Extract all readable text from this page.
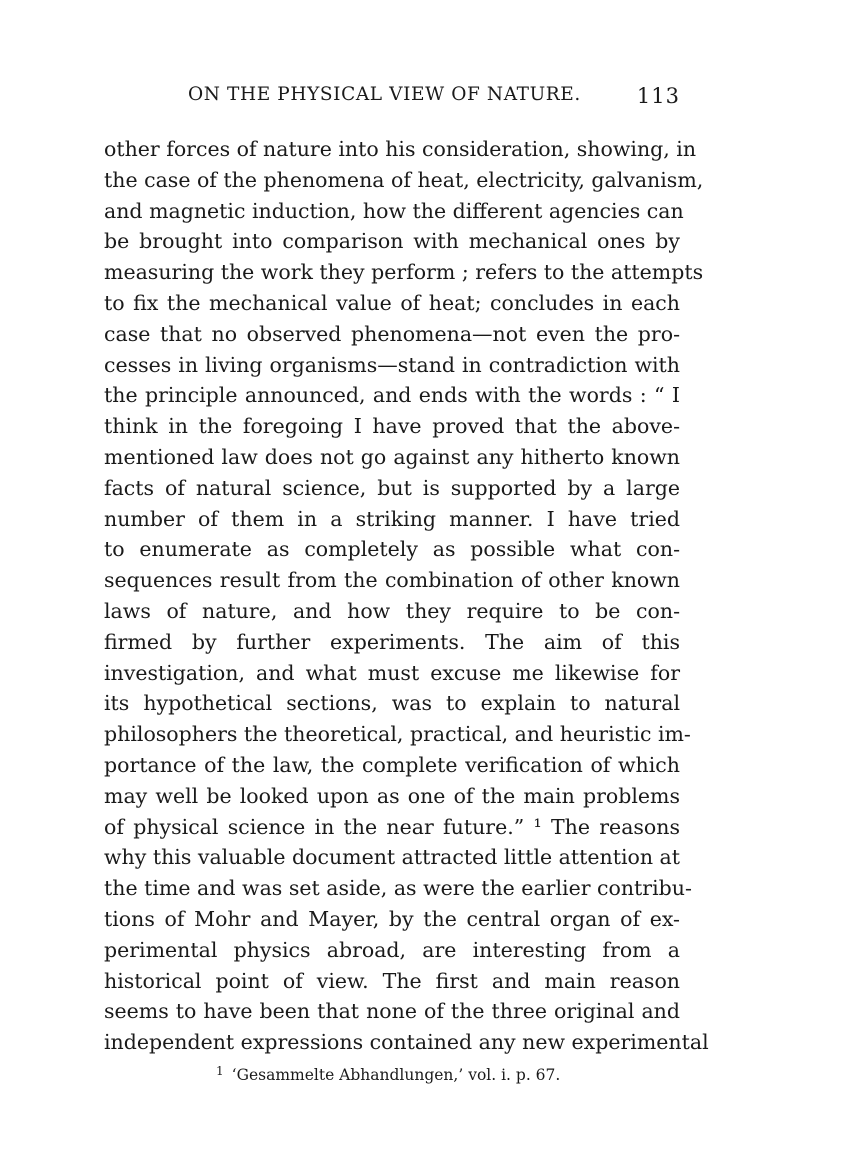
ON THE PHYSICAL VIEW OF NATURE.	113
other forces of nature into his consideration, showing, in
the case of the phenomena of heat, electricity, galvanism,
and magnetic induction, how the different agencies can
be brought into comparison with mechanical ones by
measuring the work they perform ; refers to the attempts
to fix the mechanical value of heat; concludes in each
case that no observed phenomena—not even the pro-
cesses in living organisms—stand in contradiction with
the principle announced, and ends with the words : “ I
think in the foregoing I have proved that the above-
mentioned law does not go against any hitherto known
facts of natural science, but is supported by a large
number of them in a striking manner. I have tried
to enumerate as completely as possible what con-
sequences result from the combination of other known
laws of nature, and how they require to be con-
firmed by further experiments. The aim of this
investigation, and what must excuse me likewise for
its hypothetical sections, was to explain to natural
philosophers the theoretical, practical, and heuristic im-
portance of the law, the complete verification of which
may well be looked upon as one of the main problems
of physical science in the near future.” ¹ The reasons
why this valuable document attracted little attention at
the time and was set aside, as were the earlier contribu-
tions of Mohr and Mayer, by the central organ of ex-
perimental physics abroad, are interesting from a
historical point of view. The first and main reason
seems to have been that none of the three original and
independent expressions contained any new experimental
$^1$ ‘Gesammelte Abhandlungen,’ vol. i. p. 67.
